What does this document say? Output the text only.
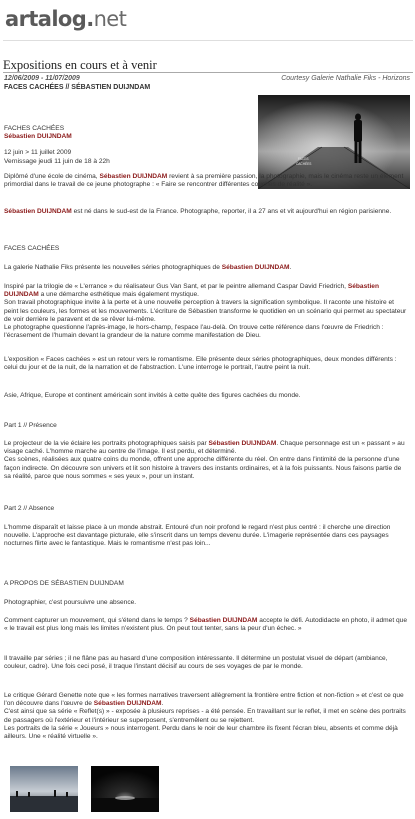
artalog.net
Expositions en cours et à venir
12/06/2009 - 11/07/2009	Courtesy Galerie Nathalie Fiks - Horizons
FACES CACHÉES // SÉBASTIEN DUIJNDAM
FACES
CACHÉES

FACHES CACHÉES

Sébastien DUIJNDAM

12 juin > 11 juillet 2009

Vernissage jeudi 11 juin de 18 à 22h

Diplômé d'une école de cinéma, Sébastien DUIJNDAM revient à sa première passion, la photographie, mais le cinéma reste un élément primordial dans le travail de ce jeune photographe : « Faire se rencontrer différentes couches de réalité ».
Sébastien DUIJNDAM est né dans le sud-est de la France. Photographe, reporter, il a 27 ans et vit aujourd'hui en région parisienne.
FACES CACHÉES
La galerie Nathalie Fiks présente les nouvelles séries photographiques de Sébastien DUIJNDAM.

Inspiré par la trilogie de « L'errance » du réalisateur Gus Van Sant, et par le peintre allemand Caspar David Friedrich, Sébastien DUIJNDAM a une démarche esthétique mais également mystique.

Son travail photographique invite à la perte et à une nouvelle perception à travers la signification symbolique. Il raconte une histoire et peint les couleurs, les formes et les mouvements. L'écriture de Sébastien transforme le quotidien en un scénario qui permet au spectateur de voir derrière le paravent et de se rêver lui-même.

Le photographe questionne l'après-image, le hors-champ, l'espace l'au-delà. On trouve cette référence dans l'œuvre de Friedrich : l'écrasement de l'humain devant la grandeur de la nature comme manifestation de Dieu.

L'exposition « Faces cachées » est un retour vers le romantisme. Elle présente deux séries photographiques, deux mondes différents : celui du jour et de la nuit, de la narration et de l'abstraction. L'une interroge le portrait, l'autre peint la nuit.
Asie, Afrique, Europe et continent américain sont invités à cette quête des figures cachées du monde.
Part 1 // Présence

Le projecteur de la vie éclaire les portraits photographiques saisis par Sébastien DUIJNDAM. Chaque personnage est un « passant » au visage caché. L'homme marche au centre de l'image. Il est perdu, et déterminé.

Ces scènes, réalisées aux quatre coins du monde, offrent une approche différente du réel. On entre dans l'intimité de la personne d'une façon indirecte. On découvre son univers et lit son histoire à travers des instants ordinaires, et à la fois puissants. Nous faisons partie de sa réalité, parce que nous sommes « ses yeux », pour un instant.

Part 2 // Absence
L'homme disparaît et laisse place à un monde abstrait. Entouré d'un noir profond le regard n'est plus centré : il cherche une direction nouvelle. L'approche est davantage picturale, elle s'inscrit dans un temps devenu durée. L'imagerie représentée dans ces paysages nocturnes flirte avec le fantastique. Mais le romantisme n'est pas loin...
A PROPOS DE SÉBASTIEN DUIJNDAM
Photographier, c'est poursuivre une absence.
Comment capturer un mouvement, qui s'étend dans le temps ? Sébastien DUIJNDAM accepte le défi. Autodidacte en photo, il admet que « le travail est plus long mais les limites n'existent plus. On peut tout tenter, sans la peur d'un échec. »
Il travaille par séries ; il ne flâne pas au hasard d'une composition intéressante. Il détermine un postulat visuel de départ (ambiance, couleur, cadre). Une fois ceci posé, il traque l'instant décisif au cours de ses voyages de par le monde.

Le critique Gérard Genette note que « les formes narratives traversent allègrement la frontière entre fiction et non-fiction » et c'est ce que l'on découvre dans l'œuvre de Sébastien DUIJNDAM.

C'est ainsi que sa série « Reflet(s) » - exposée à plusieurs reprises - a été pensée. En travaillant sur le reflet, il met en scène des portraits de passagers où l'extérieur et l'intérieur se superposent, s'entremêlent ou se rejettent.

Les portraits de la série « Joueurs » nous interrogent. Perdu dans le noir de leur chambre ils fixent l'écran bleu, absents et comme déjà ailleurs. Une « réalité virtuelle ».
